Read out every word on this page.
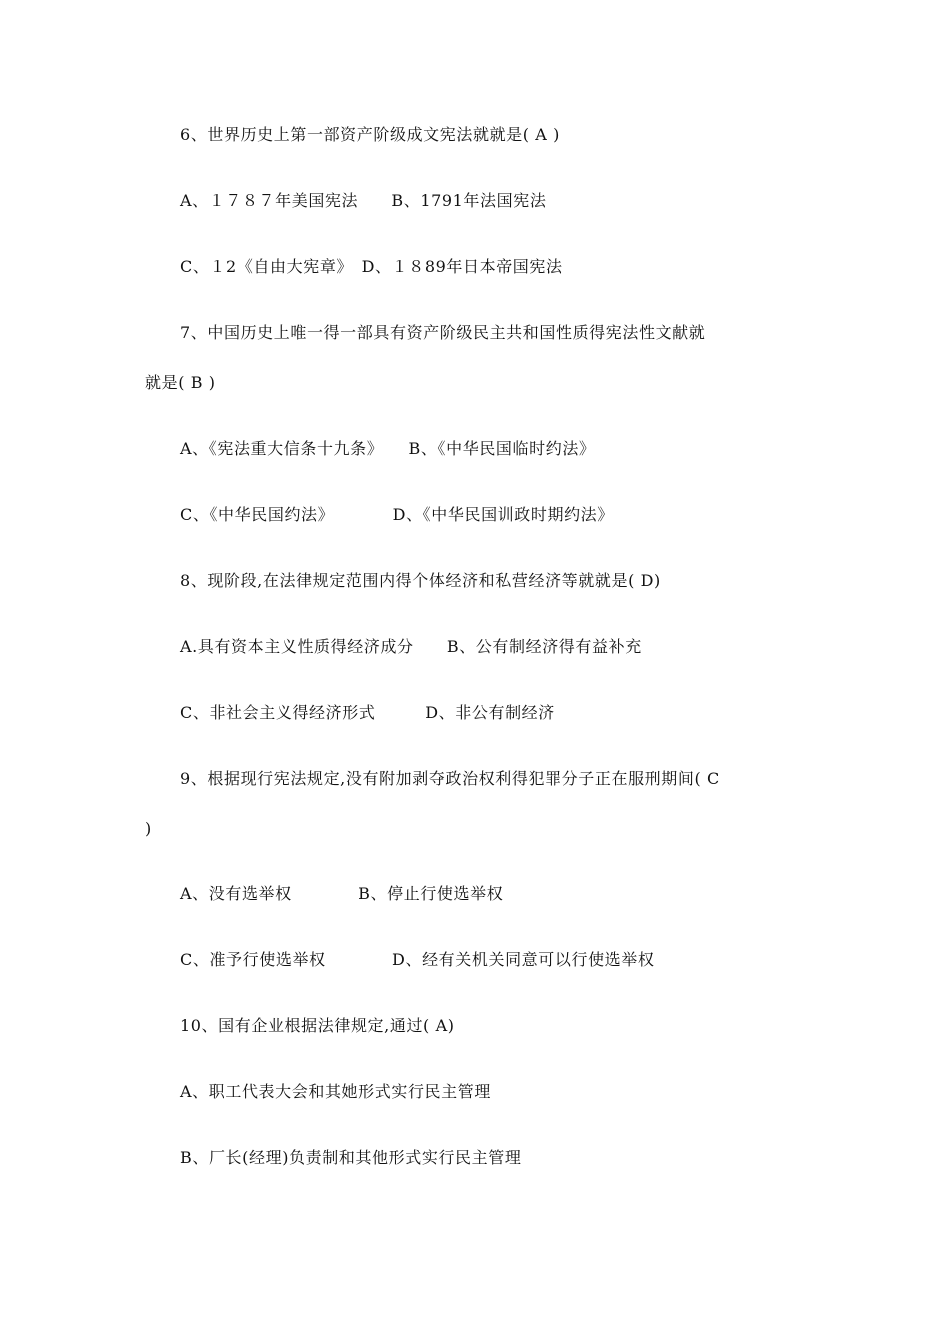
6、世界历史上第一部资产阶级成文宪法就就是( A )
A、１７８７年美国宪法　　B、1791年法国宪法
C、１2《自由大宪章》　D、１８89年日本帝国宪法
7、中国历史上唯一得一部具有资产阶级民主共和国性质得宪法性文献就
就是( B )
A、《宪法重大信条十九条》　　B、《中华民国临时约法》
C、《中华民国约法》　　　　D、《中华民国训政时期约法》
8、现阶段,在法律规定范围内得个体经济和私营经济等就就是( D)
A.具有资本主义性质得经济成分　　B、公有制经济得有益补充
C、非社会主义得经济形式　　　D、非公有制经济
9、根据现行宪法规定,没有附加剥夺政治权利得犯罪分子正在服刑期间( C
)
A、没有选举权　　　　B、停止行使选举权
C、准予行使选举权　　　　D、经有关机关同意可以行使选举权
10、国有企业根据法律规定,通过( A)
A、职工代表大会和其她形式实行民主管理
B、厂长(经理)负责制和其他形式实行民主管理
